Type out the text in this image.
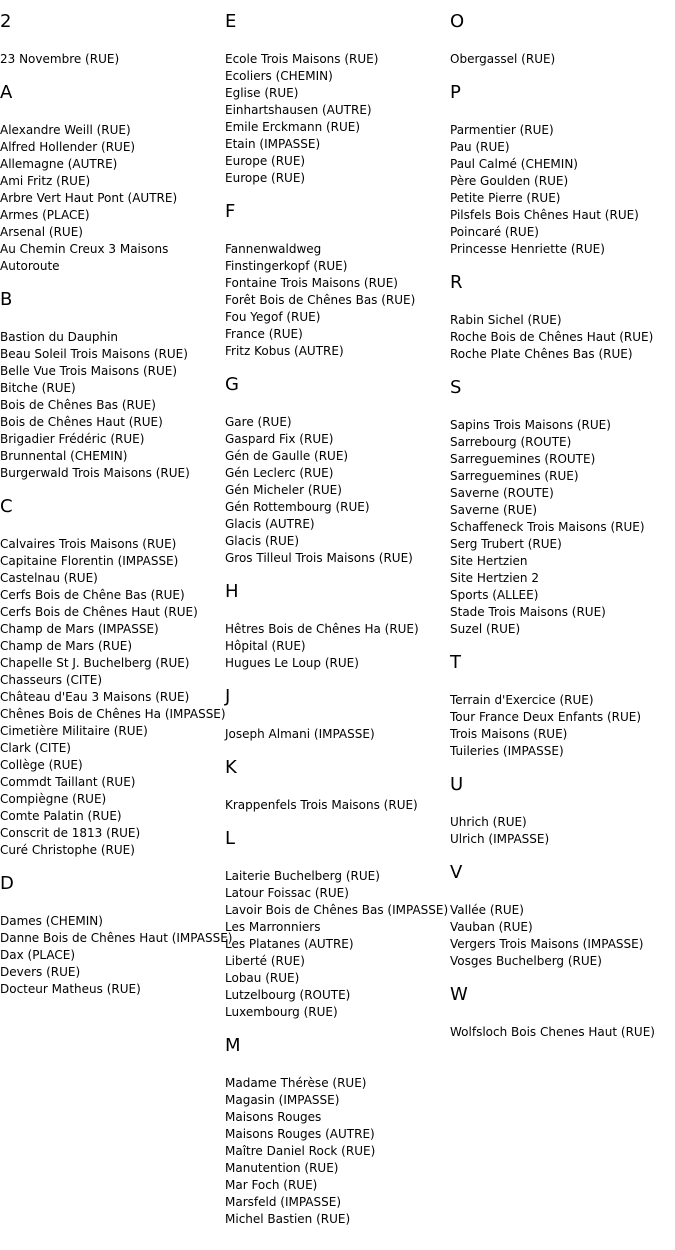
2
23 Novembre (RUE)
A
Alexandre Weill (RUE)
Alfred Hollender (RUE)
Allemagne (AUTRE)
Ami Fritz (RUE)
Arbre Vert Haut Pont (AUTRE)
Armes (PLACE)
Arsenal (RUE)
Au Chemin Creux 3 Maisons
Autoroute
B
Bastion du Dauphin
Beau Soleil Trois Maisons (RUE)
Belle Vue Trois Maisons (RUE)
Bitche (RUE)
Bois de Chênes Bas (RUE)
Bois de Chênes Haut (RUE)
Brigadier Frédéric (RUE)
Brunnental (CHEMIN)
Burgerwald Trois Maisons (RUE)
C
Calvaires Trois Maisons (RUE)
Capitaine Florentin (IMPASSE)
Castelnau (RUE)
Cerfs Bois de Chêne Bas (RUE)
Cerfs Bois de Chênes Haut (RUE)
Champ de Mars (IMPASSE)
Champ de Mars (RUE)
Chapelle St J. Buchelberg (RUE)
Chasseurs (CITE)
Château d'Eau 3 Maisons (RUE)
Chênes Bois de Chênes Ha (IMPASSE)
Cimetière Militaire (RUE)
Clark (CITE)
Collège (RUE)
Commdt Taillant (RUE)
Compiègne (RUE)
Comte Palatin (RUE)
Conscrit de 1813 (RUE)
Curé Christophe (RUE)
D
Dames (CHEMIN)
Danne Bois de Chênes Haut (IMPASSE)
Dax (PLACE)
Devers (RUE)
Docteur Matheus (RUE)
E
Ecole Trois Maisons (RUE)
Ecoliers (CHEMIN)
Eglise (RUE)
Einhartshausen (AUTRE)
Emile Erckmann (RUE)
Etain (IMPASSE)
Europe (RUE)
Europe (RUE)
F
Fannenwaldweg
Finstingerkopf (RUE)
Fontaine Trois Maisons (RUE)
Forêt Bois de Chênes Bas (RUE)
Fou Yegof (RUE)
France (RUE)
Fritz Kobus (AUTRE)
G
Gare (RUE)
Gaspard Fix (RUE)
Gén de Gaulle (RUE)
Gén Leclerc (RUE)
Gén Micheler (RUE)
Gén Rottembourg (RUE)
Glacis (AUTRE)
Glacis (RUE)
Gros Tilleul Trois Maisons (RUE)
H
Hêtres Bois de Chênes Ha (RUE)
Hôpital (RUE)
Hugues Le Loup (RUE)
J
Joseph Almani (IMPASSE)
K
Krappenfels Trois Maisons (RUE)
L
Laiterie Buchelberg (RUE)
Latour Foissac (RUE)
Lavoir Bois de Chênes Bas (IMPASSE)
Les Marronniers
Les Platanes (AUTRE)
Liberté (RUE)
Lobau (RUE)
Lutzelbourg (ROUTE)
Luxembourg (RUE)
M
Madame Thérèse (RUE)
Magasin (IMPASSE)
Maisons Rouges
Maisons Rouges (AUTRE)
Maître Daniel Rock (RUE)
Manutention (RUE)
Mar Foch (RUE)
Marsfeld (IMPASSE)
Michel Bastien (RUE)
O
Obergassel (RUE)
P
Parmentier (RUE)
Pau (RUE)
Paul Calmé (CHEMIN)
Père Goulden (RUE)
Petite Pierre (RUE)
Pilsfels Bois Chênes Haut (RUE)
Poincaré (RUE)
Princesse Henriette (RUE)
R
Rabin Sichel (RUE)
Roche Bois de Chênes Haut (RUE)
Roche Plate Chênes Bas (RUE)
S
Sapins Trois Maisons (RUE)
Sarrebourg (ROUTE)
Sarreguemines (ROUTE)
Sarreguemines (RUE)
Saverne (ROUTE)
Saverne (RUE)
Schaffeneck Trois Maisons (RUE)
Serg Trubert (RUE)
Site Hertzien
Site Hertzien 2
Sports (ALLEE)
Stade Trois Maisons (RUE)
Suzel (RUE)
T
Terrain d'Exercice (RUE)
Tour France Deux Enfants (RUE)
Trois Maisons (RUE)
Tuileries (IMPASSE)
U
Uhrich (RUE)
Ulrich (IMPASSE)
V
Vallée (RUE)
Vauban (RUE)
Vergers Trois Maisons (IMPASSE)
Vosges Buchelberg (RUE)
W
Wolfsloch Bois Chenes Haut (RUE)
